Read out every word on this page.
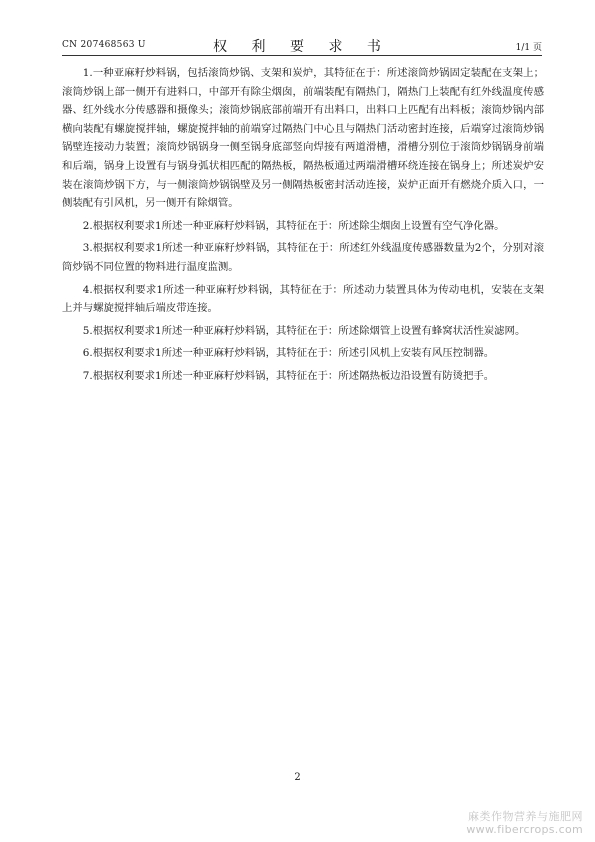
CN 207468563 U	权 利 要 求 书	1/1 页

1.一种亚麻籽炒料锅，包括滚筒炒锅、支架和炭炉，其特征在于：所述滚筒炒锅固定装配在支架上；滚筒炒锅上部一侧开有进料口，中部开有除尘烟囱，前端装配有隔热门，隔热门上装配有红外线温度传感器、红外线水分传感器和摄像头；滚筒炒锅底部前端开有出料口，出料口上匹配有出料板；滚筒炒锅内部横向装配有螺旋搅拌轴，螺旋搅拌轴的前端穿过隔热门中心且与隔热门活动密封连接，后端穿过滚筒炒锅锅壁连接动力装置；滚筒炒锅锅身一侧至锅身底部竖向焊接有两道滑槽，滑槽分别位于滚筒炒锅锅身前端和后端，锅身上设置有与锅身弧状相匹配的隔热板，隔热板通过两端滑槽环绕连接在锅身上；所述炭炉安装在滚筒炒锅下方，与一侧滚筒炒锅锅壁及另一侧隔热板密封活动连接，炭炉正面开有燃烧介质入口，一侧装配有引风机，另一侧开有除烟管。

2.根据权利要求1所述一种亚麻籽炒料锅，其特征在于：所述除尘烟囱上设置有空气净化器。

3.根据权利要求1所述一种亚麻籽炒料锅，其特征在于：所述红外线温度传感器数量为2个，分别对滚筒炒锅不同位置的物料进行温度监测。

4.根据权利要求1所述一种亚麻籽炒料锅，其特征在于：所述动力装置具体为传动电机，安装在支架上并与螺旋搅拌轴后端皮带连接。

5.根据权利要求1所述一种亚麻籽炒料锅，其特征在于：所述除烟管上设置有蜂窝状活性炭滤网。

6.根据权利要求1所述一种亚麻籽炒料锅，其特征在于：所述引风机上安装有风压控制器。

7.根据权利要求1所述一种亚麻籽炒料锅，其特征在于：所述隔热板边沿设置有防烫把手。

2
麻类作物营养与施肥网
www.fibercrops.com
